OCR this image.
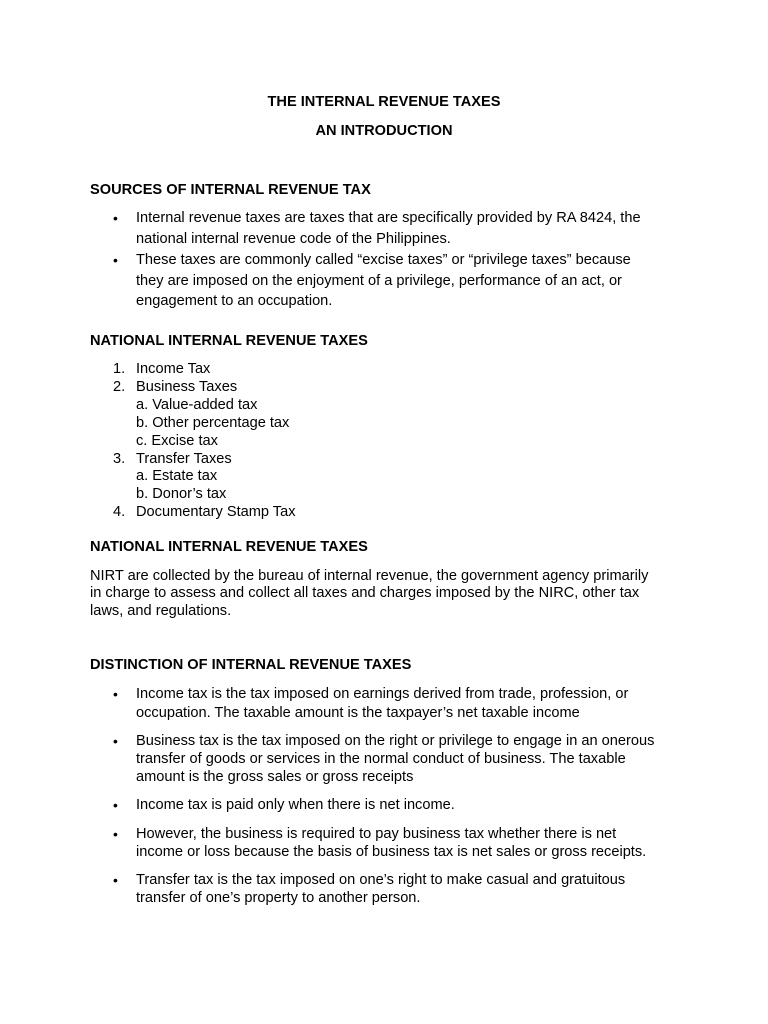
THE INTERNAL REVENUE TAXES

AN INTRODUCTION

SOURCES OF INTERNAL REVENUE TAX

• Internal revenue taxes are taxes that are specifically provided by RA 8424, the

national internal revenue code of the Philippines.

• These taxes are commonly called “excise taxes” or “privilege taxes” because

they are imposed on the enjoyment of a privilege, performance of an act, or

engagement to an occupation.

NATIONAL INTERNAL REVENUE TAXES

1. Income Tax
2. Business Taxes
a. Value-added tax
b. Other percentage tax
c. Excise tax
3. Transfer Taxes
a. Estate tax
b. Donor’s tax
4. Documentary Stamp Tax

NATIONAL INTERNAL REVENUE TAXES

NIRT are collected by the bureau of internal revenue, the government agency primarily

in charge to assess and collect all taxes and charges imposed by the NIRC, other tax

laws, and regulations.

DISTINCTION OF INTERNAL REVENUE TAXES

• Income tax is the tax imposed on earnings derived from trade, profession, or

occupation. The taxable amount is the taxpayer’s net taxable income

• Business tax is the tax imposed on the right or privilege to engage in an onerous

transfer of goods or services in the normal conduct of business. The taxable

amount is the gross sales or gross receipts

• Income tax is paid only when there is net income.

• However, the business is required to pay business tax whether there is net

income or loss because the basis of business tax is net sales or gross receipts.

• Transfer tax is the tax imposed on one’s right to make casual and gratuitous

transfer of one’s property to another person.
